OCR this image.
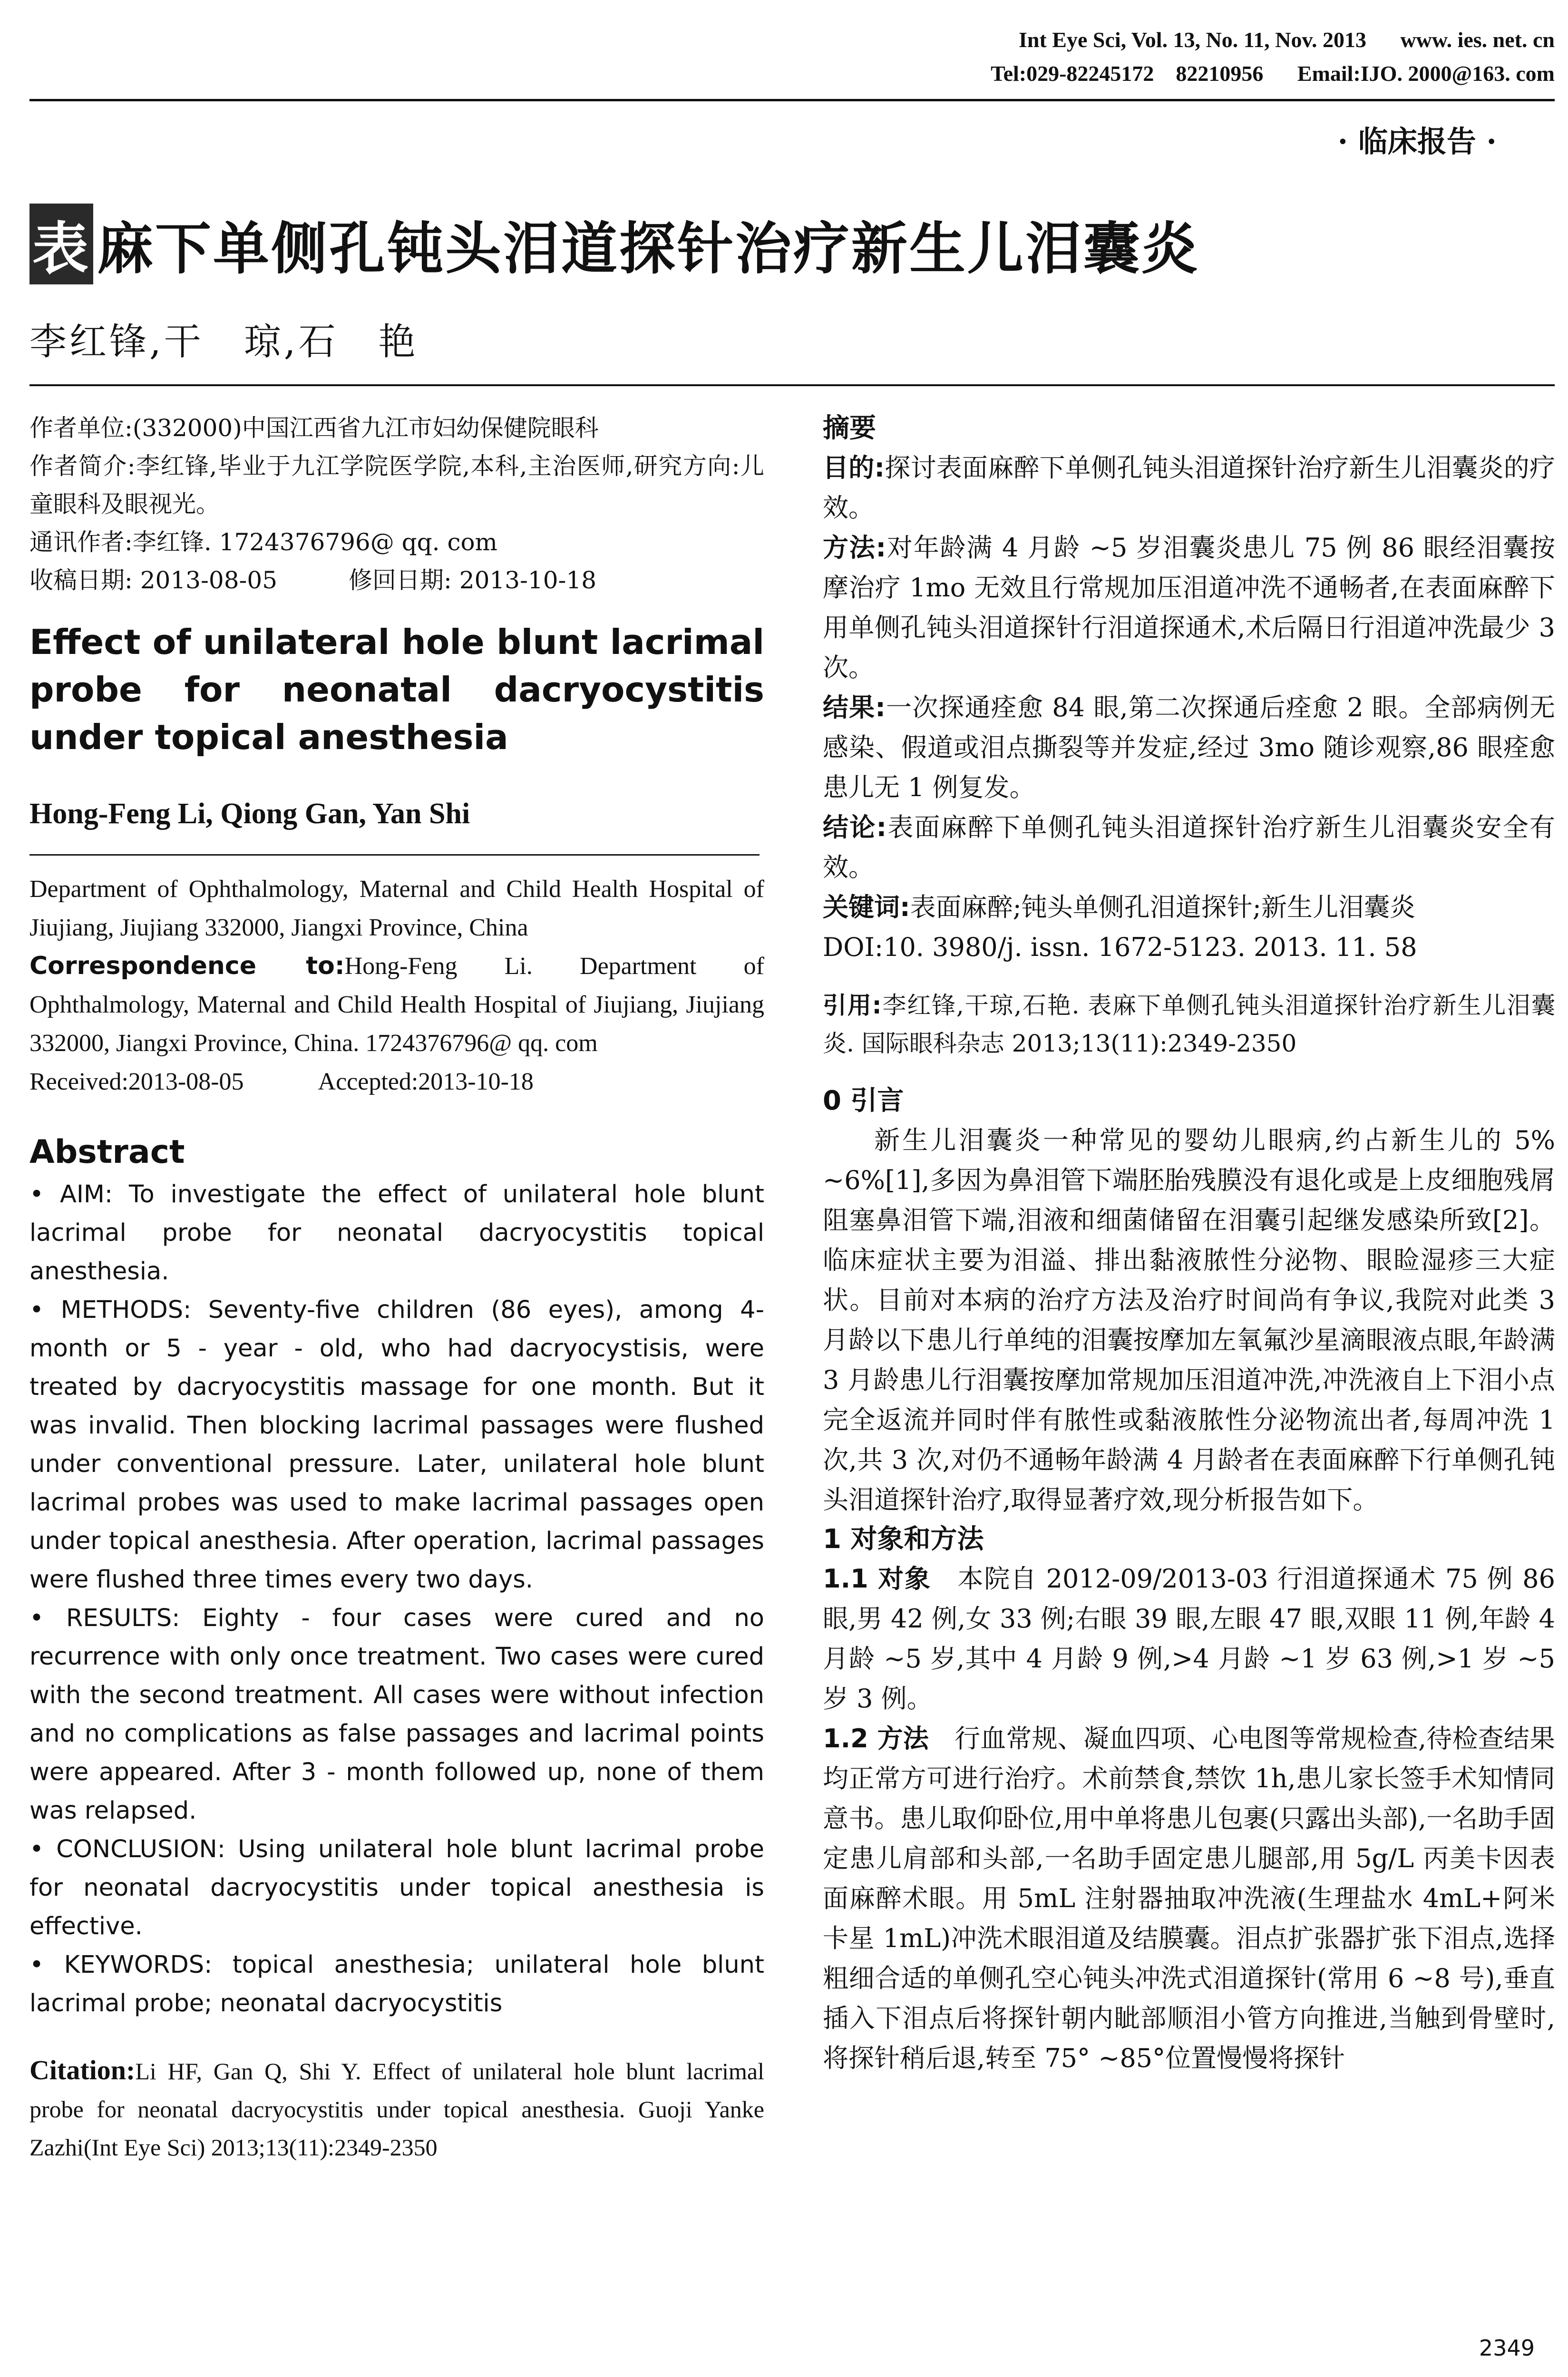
Int Eye Sci, Vol. 13, No. 11, Nov. 2013 www. ies. net. cn
Tel:029-82245172　82210956 Email:IJO. 2000@163. com
· 临床报告 ·
表 麻下单侧孔钝头泪道探针治疗新生儿泪囊炎
李红锋,干　琼,石　艳

作者单位:(332000)中国江西省九江市妇幼保健院眼科

作者简介:李红锋,毕业于九江学院医学院,本科,主治医师,研究方向:儿童眼科及眼视光。

通讯作者:李红锋. 1724376796@ qq. com

收稿日期: 2013-08-05　　　修回日期: 2013-10-18

Effect of unilateral hole blunt lacrimal probe for neonatal dacryocystitis under topical anesthesia
Hong-Feng Li, Qiong Gan, Yan Shi

Department of Ophthalmology, Maternal and Child Health Hospital of Jiujiang, Jiujiang 332000, Jiangxi Province, China

Correspondence to:Hong-Feng Li. Department of Ophthalmology, Maternal and Child Health Hospital of Jiujiang, Jiujiang 332000, Jiangxi Province, China. 1724376796@ qq. com

Received:2013-08-05　　　Accepted:2013-10-18

Abstract

• AIM: To investigate the effect of unilateral hole blunt lacrimal probe for neonatal dacryocystitis topical anesthesia.

• METHODS: Seventy-five children (86 eyes), among 4-month or 5 - year - old, who had dacryocystisis, were treated by dacryocystitis massage for one month. But it was invalid. Then blocking lacrimal passages were flushed under conventional pressure. Later, unilateral hole blunt lacrimal probes was used to make lacrimal passages open under topical anesthesia. After operation, lacrimal passages were flushed three times every two days.

• RESULTS: Eighty - four cases were cured and no recurrence with only once treatment. Two cases were cured with the second treatment. All cases were without infection and no complications as false passages and lacrimal points were appeared. After 3 - month followed up, none of them was relapsed.

• CONCLUSION: Using unilateral hole blunt lacrimal probe for neonatal dacryocystitis under topical anesthesia is effective.

• KEYWORDS: topical anesthesia; unilateral hole blunt lacrimal probe; neonatal dacryocystitis

Citation:Li HF, Gan Q, Shi Y. Effect of unilateral hole blunt lacrimal probe for neonatal dacryocystitis under topical anesthesia. Guoji Yanke Zazhi(Int Eye Sci) 2013;13(11):2349-2350
摘要

目的:探讨表面麻醉下单侧孔钝头泪道探针治疗新生儿泪囊炎的疗效。

方法:对年龄满 4 月龄 ~5 岁泪囊炎患儿 75 例 86 眼经泪囊按摩治疗 1mo 无效且行常规加压泪道冲洗不通畅者,在表面麻醉下用单侧孔钝头泪道探针行泪道探通术,术后隔日行泪道冲洗最少 3 次。

结果:一次探通痊愈 84 眼,第二次探通后痊愈 2 眼。全部病例无感染、假道或泪点撕裂等并发症,经过 3mo 随诊观察,86 眼痊愈患儿无 1 例复发。

结论:表面麻醉下单侧孔钝头泪道探针治疗新生儿泪囊炎安全有效。

关键词:表面麻醉;钝头单侧孔泪道探针;新生儿泪囊炎

DOI:10. 3980/j. issn. 1672-5123. 2013. 11. 58

引用:李红锋,干琼,石艳. 表麻下单侧孔钝头泪道探针治疗新生儿泪囊炎. 国际眼科杂志 2013;13(11):2349-2350

0 引言

新生儿泪囊炎一种常见的婴幼儿眼病,约占新生儿的 5% ~6%[1],多因为鼻泪管下端胚胎残膜没有退化或是上皮细胞残屑阻塞鼻泪管下端,泪液和细菌储留在泪囊引起继发感染所致[2]。临床症状主要为泪溢、排出黏液脓性分泌物、眼睑湿疹三大症状。目前对本病的治疗方法及治疗时间尚有争议,我院对此类 3 月龄以下患儿行单纯的泪囊按摩加左氧氟沙星滴眼液点眼,年龄满 3 月龄患儿行泪囊按摩加常规加压泪道冲洗,冲洗液自上下泪小点完全返流并同时伴有脓性或黏液脓性分泌物流出者,每周冲洗 1 次,共 3 次,对仍不通畅年龄满 4 月龄者在表面麻醉下行单侧孔钝头泪道探针治疗,取得显著疗效,现分析报告如下。

1 对象和方法

1.1 对象　 本院自 2012-09/2013-03 行泪道探通术 75 例 86 眼,男 42 例,女 33 例;右眼 39 眼,左眼 47 眼,双眼 11 例,年龄 4 月龄 ~5 岁,其中 4 月龄 9 例,>4 月龄 ~1 岁 63 例,>1 岁 ~5 岁 3 例。

1.2 方法　 行血常规、凝血四项、心电图等常规检查,待检查结果均正常方可进行治疗。术前禁食,禁饮 1h,患儿家长签手术知情同意书。患儿取仰卧位,用中单将患儿包裹(只露出头部),一名助手固定患儿肩部和头部,一名助手固定患儿腿部,用 5g/L 丙美卡因表面麻醉术眼。用 5mL 注射器抽取冲洗液(生理盐水 4mL+阿米卡星 1mL)冲洗术眼泪道及结膜囊。泪点扩张器扩张下泪点,选择粗细合适的单侧孔空心钝头冲洗式泪道探针(常用 6 ~8 号),垂直插入下泪点后将探针朝内眦部顺泪小管方向推进,当触到骨壁时,将探针稍后退,转至 75° ~85°位置慢慢将探针

2349
